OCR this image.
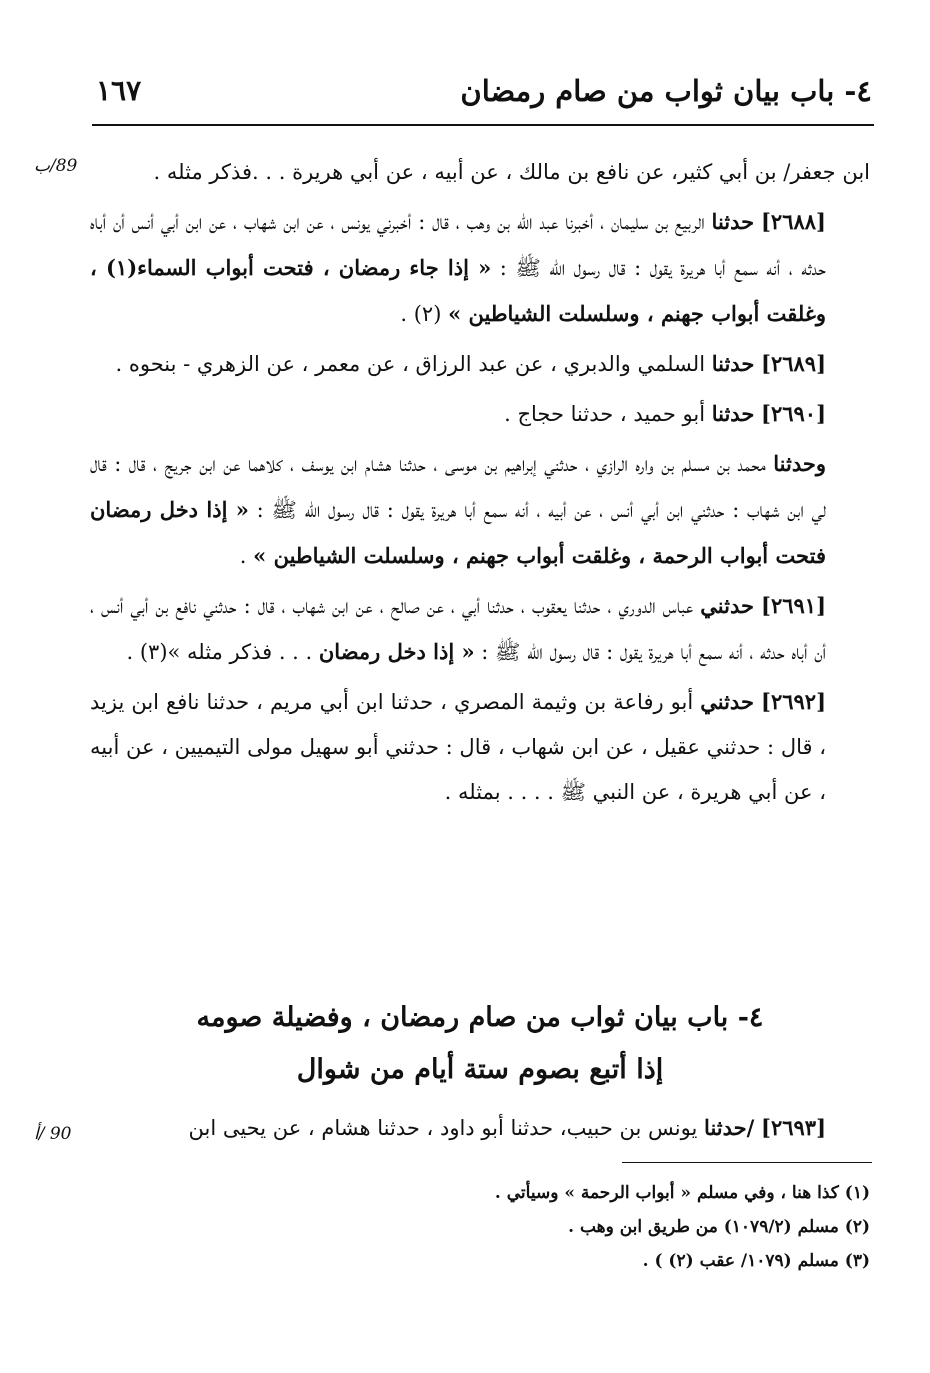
٤- باب بيان ثواب من صام رمضان
١٦٧
89/ب
90 /أ

ابن جعفر/ بن أبي كثير، عن نافع بن مالك ، عن أبيه ، عن أبي هريرة . . .فذكر مثله .

[٢٦٨٨] حدثنا الربيع بن سليمان ، أخبرنا عبد الله بن وهب ، قال : أخبرني يونس ، عن ابن شهاب ، عن ابن أبي أنس أن أباه حدثه ، أنه سمع أبا هريرة يقول : قال رسول الله ﷺ : « إذا جاء رمضان ، فتحت أبواب السماء(١) ، وغلقت أبواب جهنم ، وسلسلت الشياطين » (٢) .

[٢٦٨٩] حدثنا السلمي والدبري ، عن عبد الرزاق ، عن معمر ، عن الزهري - بنحوه .

[٢٦٩٠] حدثنا أبو حميد ، حدثنا حجاج .

وحدثنا محمد بن مسلم بن واره الرازي ، حدثني إبراهيم بن موسى ، حدثنا هشام ابن يوسف ، كلاهما عن ابن جريج ، قال : قال لي ابن شهاب : حدثني ابن أبي أنس ، عن أبيه ، أنه سمع أبا هريرة يقول : قال رسول الله ﷺ : « إذا دخل رمضان فتحت أبواب الرحمة ، وغلقت أبواب جهنم ، وسلسلت الشياطين » .

[٢٦٩١] حدثني عباس الدوري ، حدثنا يعقوب ، حدثنا أبي ، عن صالح ، عن ابن شهاب ، قال : حدثني نافع بن أبي أنس ، أن أباه حدثه ، أنه سمع أبا هريرة يقول : قال رسول الله ﷺ : « إذا دخل رمضان . . . فذكر مثله »(٣) .

[٢٦٩٢] حدثني أبو رفاعة بن وثيمة المصري ، حدثنا ابن أبي مريم ، حدثنا نافع ابن يزيد ، قال : حدثني عقيل ، عن ابن شهاب ، قال : حدثني أبو سهيل مولى التيميين ، عن أبيه ، عن أبي هريرة ، عن النبي ﷺ . . . . بمثله .

٤- باب بيان ثواب من صام رمضان ، وفضيلة صومه
إذا أتبع بصوم ستة أيام من شوال
[٢٦٩٣] /حدثنا يونس بن حبيب، حدثنا أبو داود ، حدثنا هشام ، عن يحيى ابن
(١) كذا هنا ، وفي مسلم « أبواب الرحمة » وسيأتي .
(٢) مسلم (١٠٧٩/٢) من طريق ابن وهب .
(٣) مسلم (١٠٧٩/ عقب (٢) ) .
